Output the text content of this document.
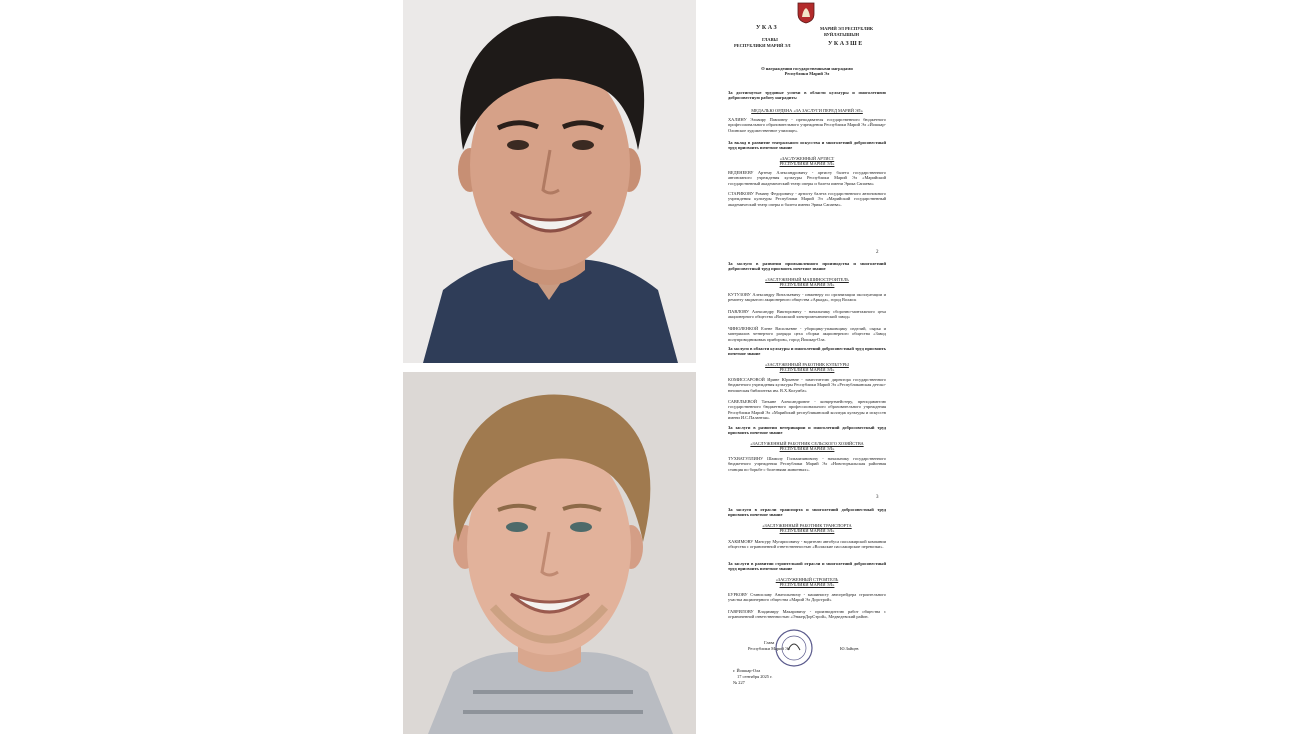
УКАЗ
ГЛАВЫ
РЕСПУБЛИКИ МАРИЙ ЭЛ
МАРИЙ ЭЛ РЕСПУБЛИК
ВУЙЛАТЫШЫН
УКАЗШЕ
О награждении государственными наградами
Республики Марий Эл
За достигнутые трудовые успехи в области культуры и многолетнюю добросовестную работу наградить:
МЕДАЛЬЮ ОРДЕНА «ЗА ЗАСЛУГИ ПЕРЕД МАРИЙ ЭЛ»
ХАЛИНУ Эльвиру Павловну - преподавателя государственного бюджетного профессионального образовательного учреждения Республики Марий Эл «Йошкар-Олинское художественное училище».
За вклад в развитие театрального искусства и многолетний добросовестный труд присвоить почетное звание
«ЗАСЛУЖЕННЫЙ АРТИСТ
РЕСПУБЛИКИ МАРИЙ ЭЛ»
ВЕДЕНЕЕВУ Артему Александровичу - артисту балета государственного автономного учреждения культуры Республики Марий Эл «Марийский государственный академический театр оперы и балета имени Эрика Сапаева»
СТАРИКОВУ Роману Федоровичу - артисту балета государственного автономного учреждения культуры Республики Марий Эл «Марийский государственный академический театр оперы и балета имени Эрика Сапаева».
2
За заслуги в развитии промышленного производства и многолетний добросовестный труд присвоить почетное звание
«ЗАСЛУЖЕННЫЙ МАШИНОСТРОИТЕЛЬ
РЕСПУБЛИКИ МАРИЙ ЭЛ»
КУТУЗОВУ Александру Витальевичу - инженеру по организации эксплуатации и ремонту закрытого акционерного общества «Аркада», город Волжск
ПАВЛОВУ Александру Викторовичу - начальнику сборочно-монтажного цеха акционерного общества «Волжский электромеханический завод»
ЧИНОЛЕНКОЙ Елене Васильевне - уборщику-упаковщику изделий, сырья и материалов четвертого разряда цеха сборки акционерного общества «Завод полупроводниковых приборов», город Йошкар-Ола.
За заслуги в области культуры и многолетний добросовестный труд присвоить почетное звание
«ЗАСЛУЖЕННЫЙ РАБОТНИК КУЛЬТУРЫ
РЕСПУБЛИКИ МАРИЙ ЭЛ»
КОМИССАРОВОЙ Ирине Юрьевне - заместителю директора государственного бюджетного учреждения культуры Республики Марий Эл «Республиканская детско-юношеская библиотека им. В.Х.Колумба»
САВЕЛЬЕВОЙ Татьяне Александровне - концертмейстеру, преподавателю государственного бюджетного профессионального образовательного учреждения Республики Марий Эл «Марийский республиканский колледж культуры и искусств имени И.С.Палантая».
За заслуги в развитии ветеринарии и многолетний добросовестный труд присвоить почетное звание
«ЗАСЛУЖЕННЫЙ РАБОТНИК СЕЛЬСКОГО ХОЗЯЙСТВА
РЕСПУБЛИКИ МАРИЙ ЭЛ»
ТУХВАТУЛЛИНУ Шамилу Гильмизяновичу - начальнику государственного бюджетного учреждения Республики Марий Эл «Новоторъяльская районная станция по борьбе с болезнями животных».
3
За заслуги в отрасли транспорта и многолетний добросовестный труд присвоить почетное звание
«ЗАСЛУЖЕННЫЙ РАБОТНИК ТРАНСПОРТА
РЕСПУБЛИКИ МАРИЙ ЭЛ»
ХАКИМОВУ Мансуру Мугарисовичу - водителю автобуса пассажирской компании общества с ограниченной ответственностью «Волжские пассажирские перевозки».
За заслуги в развитии строительной отрасли и многолетний добросовестный труд присвоить почетное звание
«ЗАСЛУЖЕННЫЙ СТРОИТЕЛЬ
РЕСПУБЛИКИ МАРИЙ ЭЛ»
БУРКОВУ Станиславу Анатольевичу - машинисту автогрейдера строительного участка акционерного общества «Марий Эл Дорстрой»
ГАВРИЛОВУ Владимиру Макаровичу - производителю работ общества с ограниченной ответственностью «ЭнжерДорСтрой», Медведевский район.
Глава
Республики Марий Эл	Ю.Зайцев
г. Йошкар-Ола
17 сентября 2025 г.
№ 227
